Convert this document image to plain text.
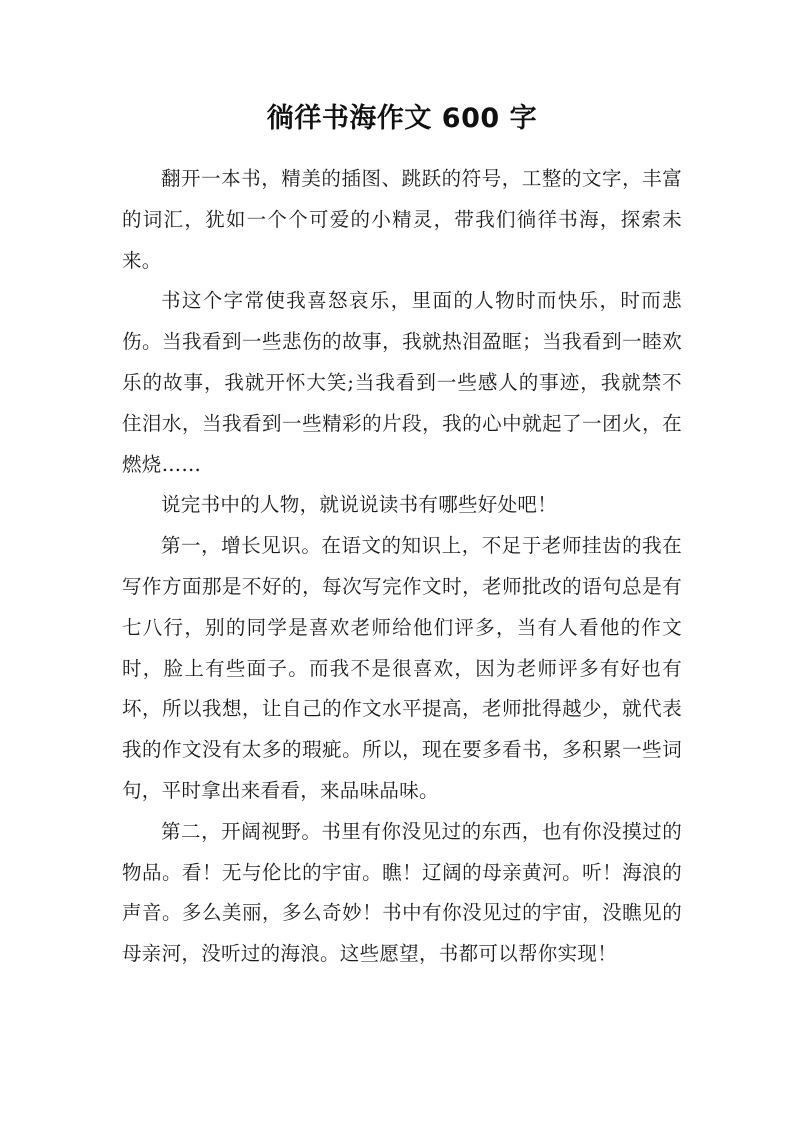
徜徉书海作文 600 字

翻开一本书，精美的插图、跳跃的符号，工整的文字，丰富的词汇，犹如一个个可爱的小精灵，带我们徜徉书海，探索未来。

书这个字常使我喜怒哀乐，里面的人物时而快乐，时而悲伤。当我看到一些悲伤的故事，我就热泪盈眶；当我看到一睦欢乐的故事，我就开怀大笑;当我看到一些感人的事迹，我就禁不住泪水，当我看到一些精彩的片段，我的心中就起了一团火，在燃烧……

说完书中的人物，就说说读书有哪些好处吧！

第一，增长见识。在语文的知识上，不足于老师挂齿的我在写作方面那是不好的，每次写完作文时，老师批改的语句总是有七八行，别的同学是喜欢老师给他们评多，当有人看他的作文时，脸上有些面子。而我不是很喜欢，因为老师评多有好也有坏，所以我想，让自己的作文水平提高，老师批得越少，就代表我的作文没有太多的瑕疵。所以，现在要多看书，多积累一些词句，平时拿出来看看，来品味品味。

第二，开阔视野。书里有你没见过的东西，也有你没摸过的物品。看！无与伦比的宇宙。瞧！辽阔的母亲黄河。听！海浪的声音。多么美丽，多么奇妙！书中有你没见过的宇宙，没瞧见的母亲河，没听过的海浪。这些愿望，书都可以帮你实现！
